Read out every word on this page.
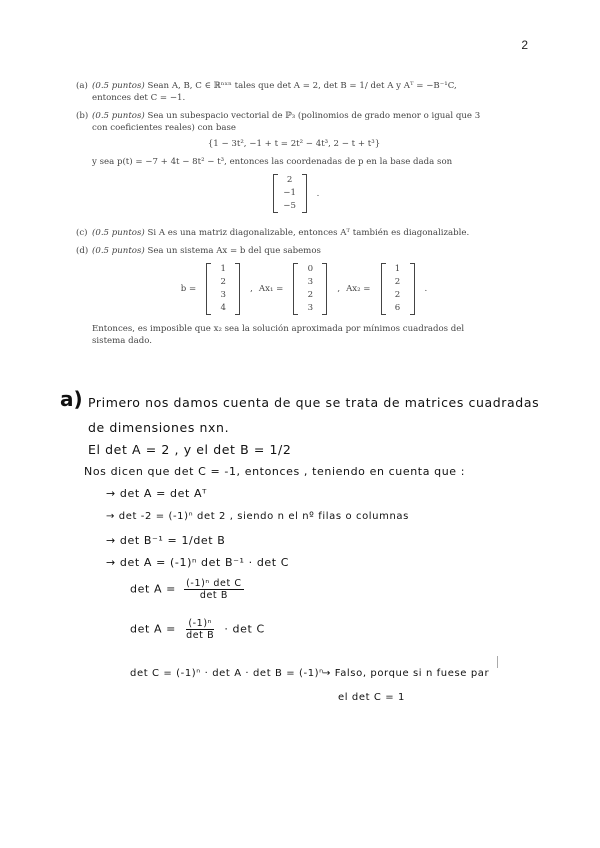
2
(a) (0.5 puntos) Sean A, B, C ∈ ℝⁿˣⁿ tales que det A = 2, det B = 1/ det A y Aᵀ = −B⁻¹C,
entonces det C = −1.
(b) (0.5 puntos) Sea un subespacio vectorial de ℙ₃ (polinomios de grado menor o igual que 3
con coeficientes reales) con base
{1 − 3t², −1 + t = 2t² − 4t³, 2 − t + t³}
y sea p(t) = −7 + 4t − 8t² − t³, entonces las coordenadas de p en la base dada son
2
−1
−5
.
(c) (0.5 puntos) Si A es una matriz diagonalizable, entonces Aᵀ también es diagonalizable.
(d) (0.5 puntos) Sea un sistema Ax = b del que sabemos
b =
1
2
3
4
, Ax₁ =
0
3
2
3
, Ax₂ =
1
2
2
6
.
Entonces, es imposible que x₂ sea la solución aproximada por mínimos cuadrados del
sistema dado.
a) Primero nos damos cuenta de que se trata de matrices cuadradas
de dimensiones nxn.
El det A = 2 , y el det B = 1/2
Nos dicen que det C = -1, entonces , teniendo en cuenta que :
→ det A = det Aᵀ
→ det -2 = (-1)ⁿ det 2 , siendo n el nº filas o columnas
→ det B⁻¹ = 1/det B
→ det A = (-1)ⁿ det B⁻¹ · det C
$\det A = \frac{\text{(-1)ⁿ det C}}{\text{det B}}$
$\det A = \frac{\text{(-1)ⁿ}}{\text{det B}} \cdot \det C$
det C = (-1)ⁿ · det A · det B = (-1)ⁿ
→ Falso, porque si n fuese par
el det C = 1
